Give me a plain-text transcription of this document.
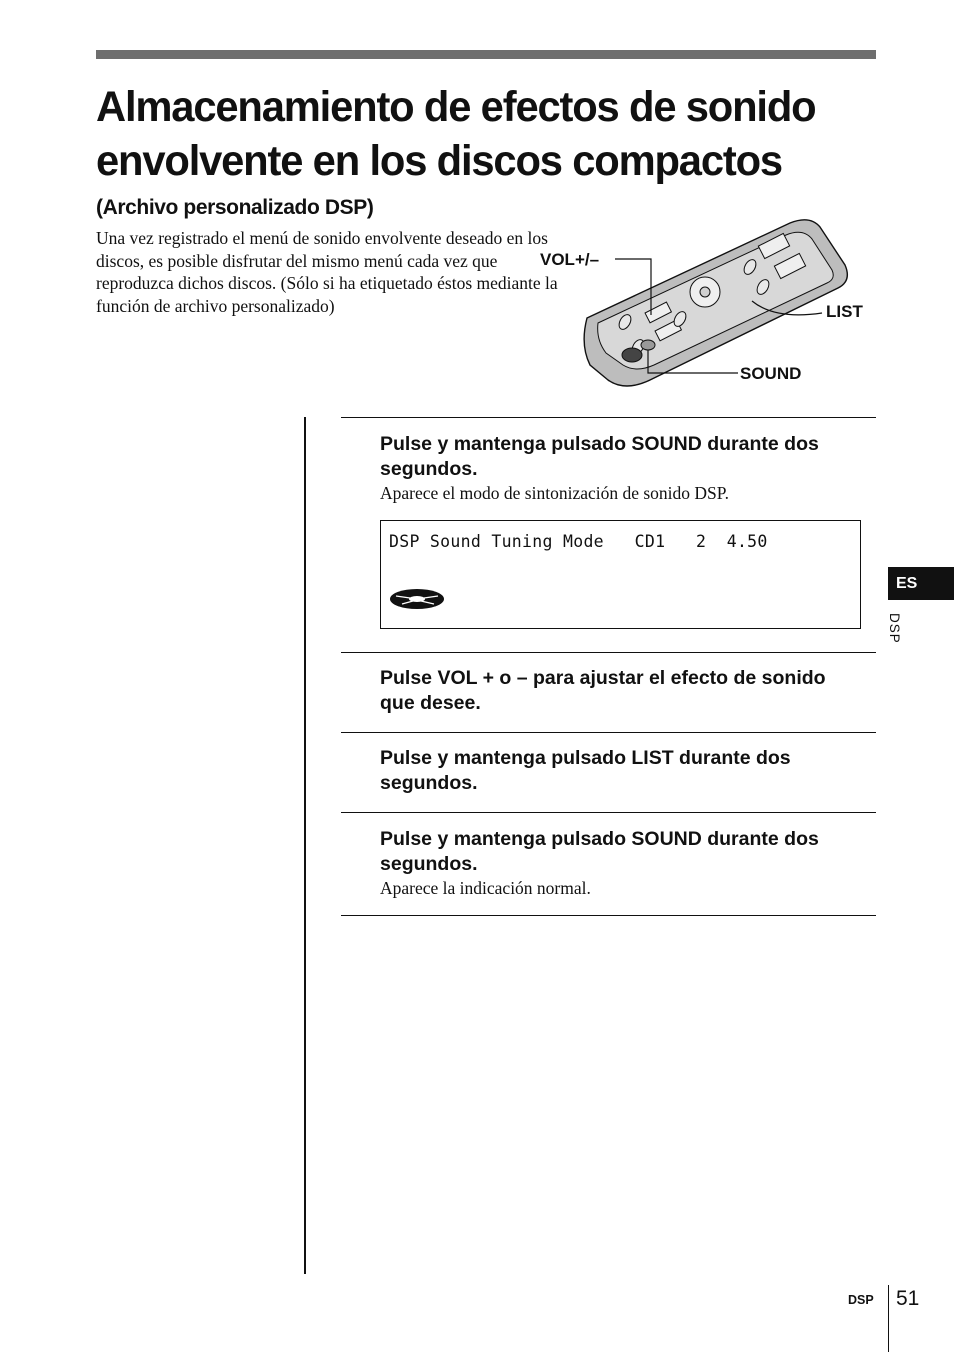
Almacenamiento de efectos de sonido envolvente en los discos compactos
(Archivo personalizado DSP)
Una vez registrado el menú de sonido envolvente deseado en los discos, es posible disfrutar del mismo menú cada vez que reproduzca dichos discos. (Sólo si ha etiquetado éstos mediante la función de archivo personalizado)
VOL+/–
LIST
SOUND
Pulse y mantenga pulsado SOUND durante dos segundos.
Aparece el modo de sintonización de sonido DSP.
DSP Sound Tuning Mode   CD1   2  4.50
Pulse VOL + o – para ajustar el efecto de sonido que desee.
Pulse y mantenga pulsado LIST durante dos segundos.
Pulse y mantenga pulsado SOUND durante dos segundos.
Aparece la indicación normal.
ES
DSP
DSP 51
